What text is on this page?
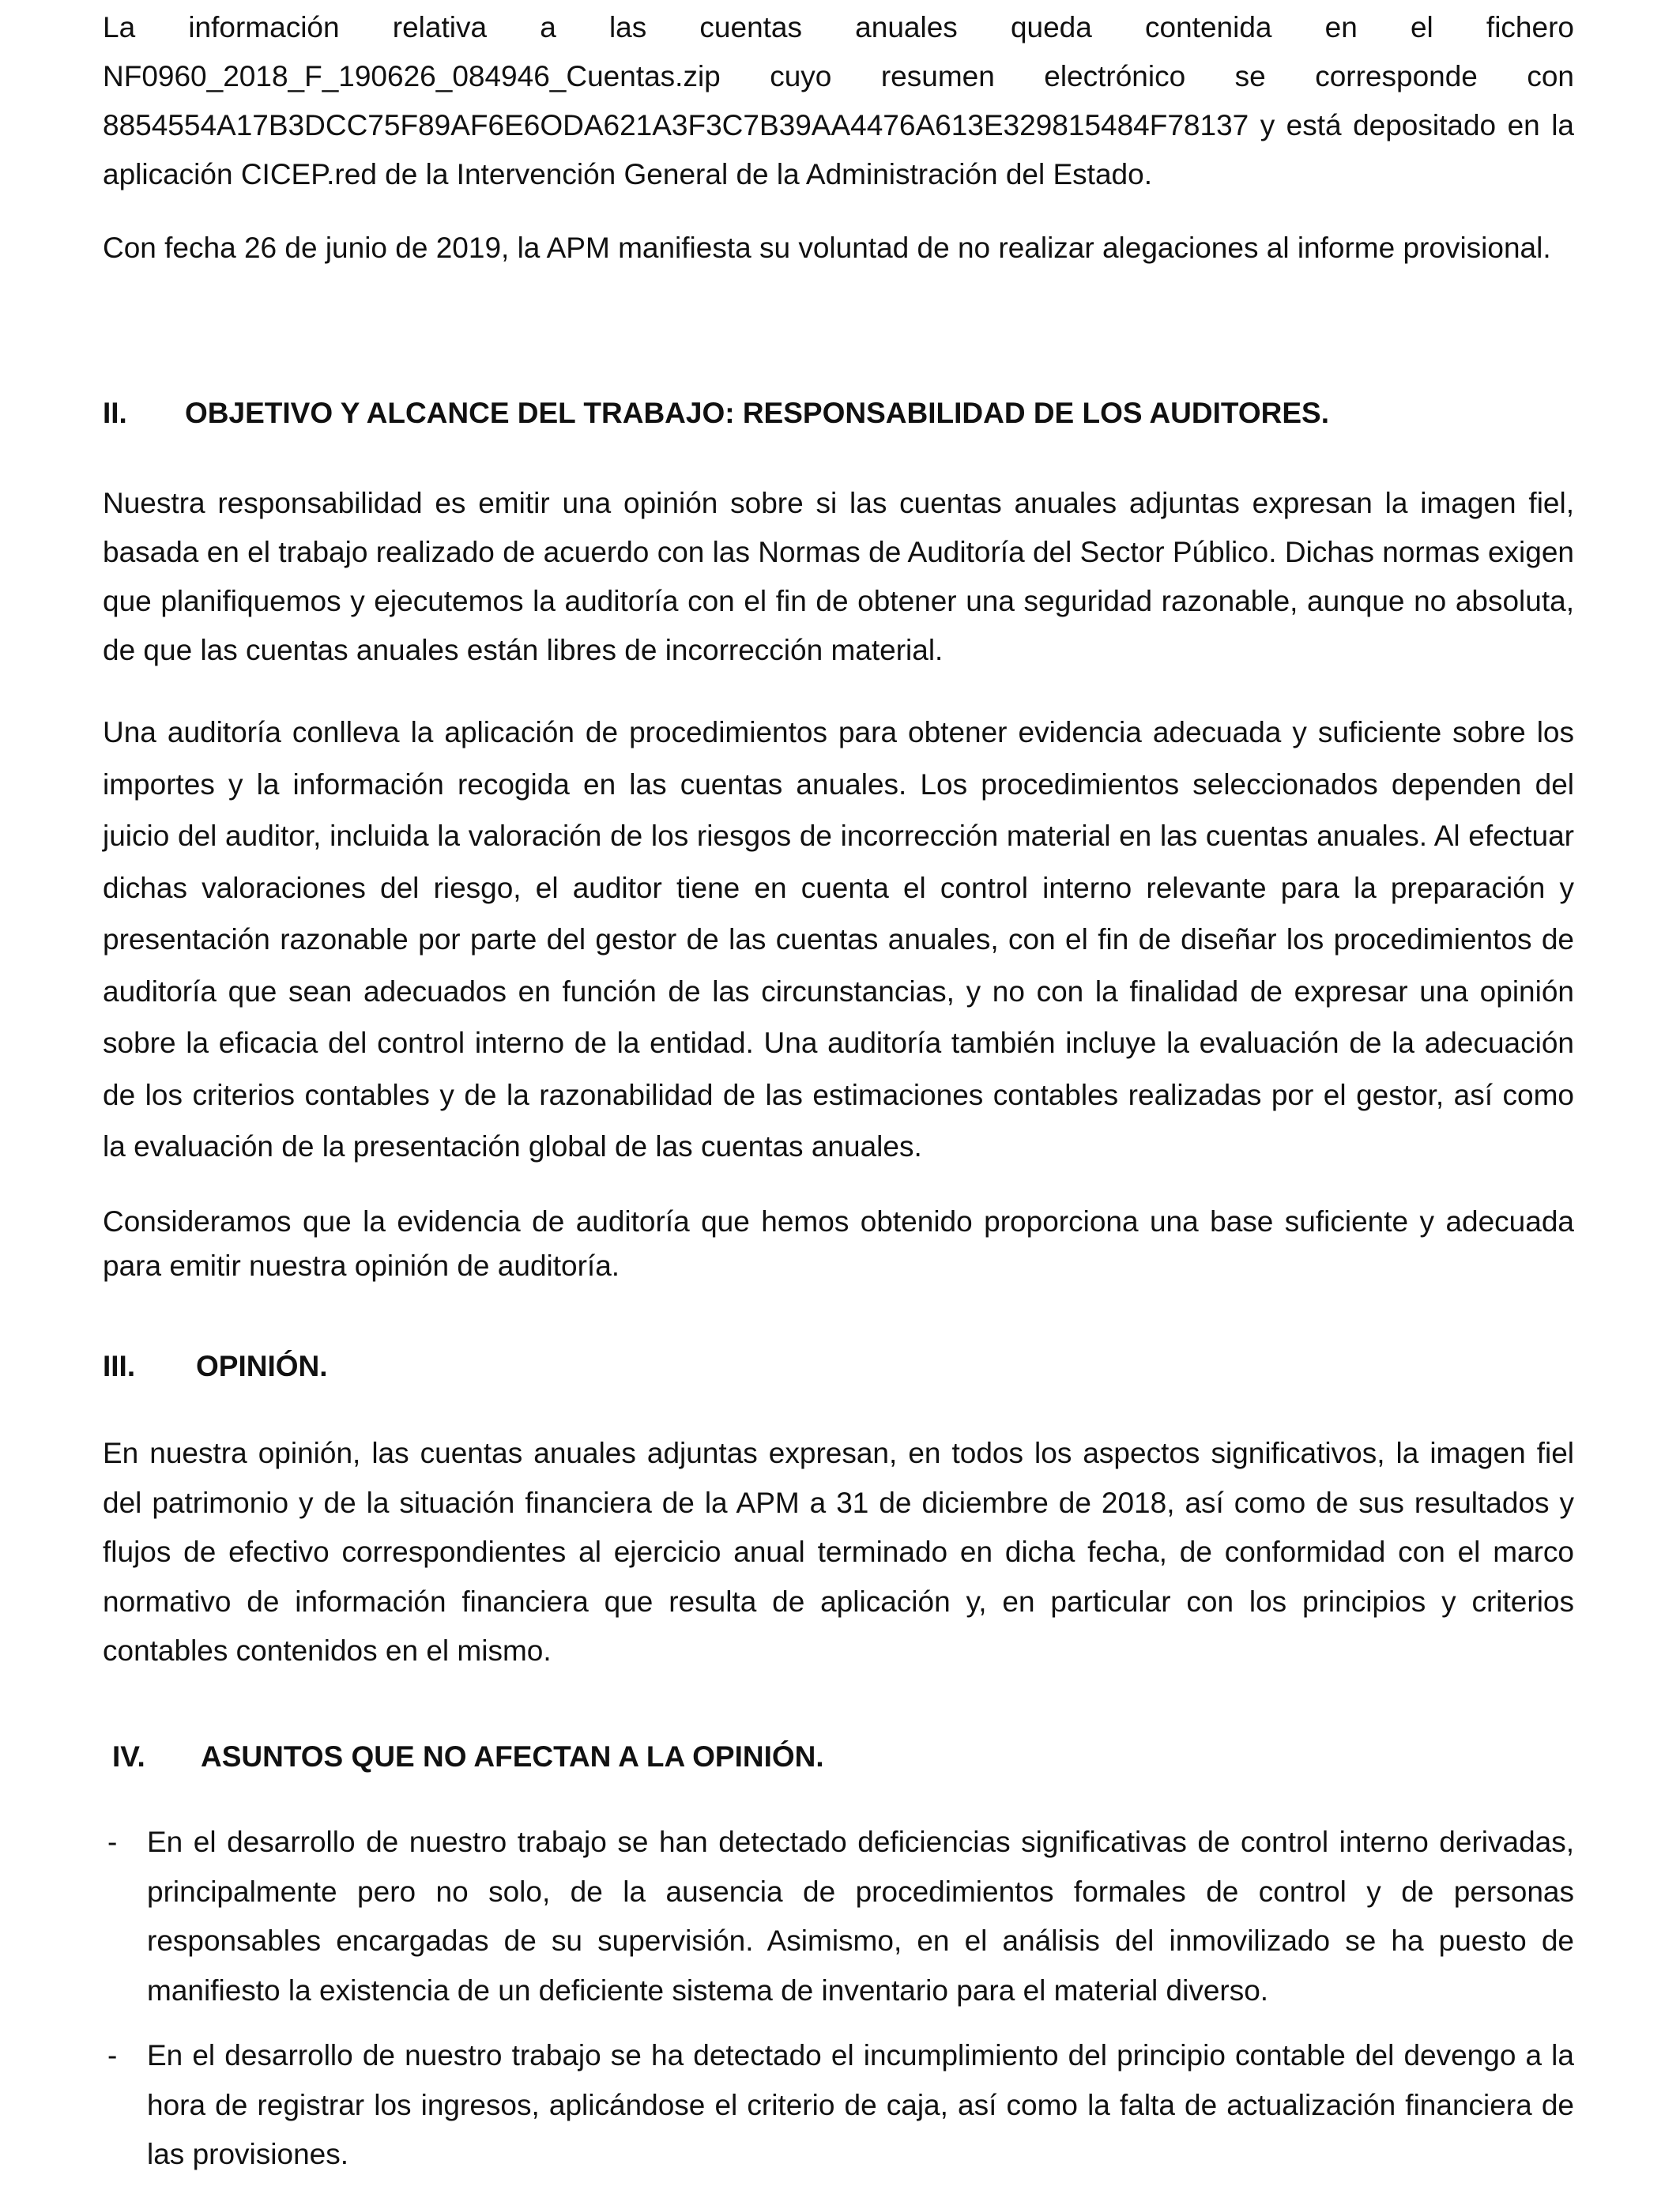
La información relativa a las cuentas anuales queda contenida en el fichero NF0960_2018_F_190626_084946_Cuentas.zip cuyo resumen electrónico se corresponde con 8854554A17B3DCC75F89AF6E6ODA621A3F3C7B39AA4476A613E329815484F78137 y está depositado en la aplicación CICEP.red de la Intervención General de la Administración del Estado.

Con fecha 26 de junio de 2019, la APM manifiesta su voluntad de no realizar alegaciones al informe provisional.

II. OBJETIVO Y ALCANCE DEL TRABAJO: RESPONSABILIDAD DE LOS AUDITORES.

Nuestra responsabilidad es emitir una opinión sobre si las cuentas anuales adjuntas expresan la imagen fiel, basada en el trabajo realizado de acuerdo con las Normas de Auditoría del Sector Público. Dichas normas exigen que planifiquemos y ejecutemos la auditoría con el fin de obtener una seguridad razonable, aunque no absoluta, de que las cuentas anuales están libres de incorrección material.

Una auditoría conlleva la aplicación de procedimientos para obtener evidencia adecuada y suficiente sobre los importes y la información recogida en las cuentas anuales. Los procedimientos seleccionados dependen del juicio del auditor, incluida la valoración de los riesgos de incorrección material en las cuentas anuales. Al efectuar dichas valoraciones del riesgo, el auditor tiene en cuenta el control interno relevante para la preparación y presentación razonable por parte del gestor de las cuentas anuales, con el fin de diseñar los procedimientos de auditoría que sean adecuados en función de las circunstancias, y no con la finalidad de expresar una opinión sobre la eficacia del control interno de la entidad. Una auditoría también incluye la evaluación de la adecuación de los criterios contables y de la razonabilidad de las estimaciones contables realizadas por el gestor, así como la evaluación de la presentación global de las cuentas anuales.

Consideramos que la evidencia de auditoría que hemos obtenido proporciona una base suficiente y adecuada para emitir nuestra opinión de auditoría.

III. OPINIÓN.

En nuestra opinión, las cuentas anuales adjuntas expresan, en todos los aspectos significativos, la imagen fiel del patrimonio y de la situación financiera de la APM a 31 de diciembre de 2018, así como de sus resultados y flujos de efectivo correspondientes al ejercicio anual terminado en dicha fecha, de conformidad con el marco normativo de información financiera que resulta de aplicación y, en particular con los principios y criterios contables contenidos en el mismo.

IV. ASUNTOS QUE NO AFECTAN A LA OPINIÓN.
- En el desarrollo de nuestro trabajo se han detectado deficiencias significativas de control interno derivadas, principalmente pero no solo, de la ausencia de procedimientos formales de control y de personas responsables encargadas de su supervisión. Asimismo, en el análisis del inmovilizado se ha puesto de manifiesto la existencia de un deficiente sistema de inventario para el material diverso.

- En el desarrollo de nuestro trabajo se ha detectado el incumplimiento del principio contable del devengo a la hora de registrar los ingresos, aplicándose el criterio de caja, así como la falta de actualización financiera de las provisiones.
